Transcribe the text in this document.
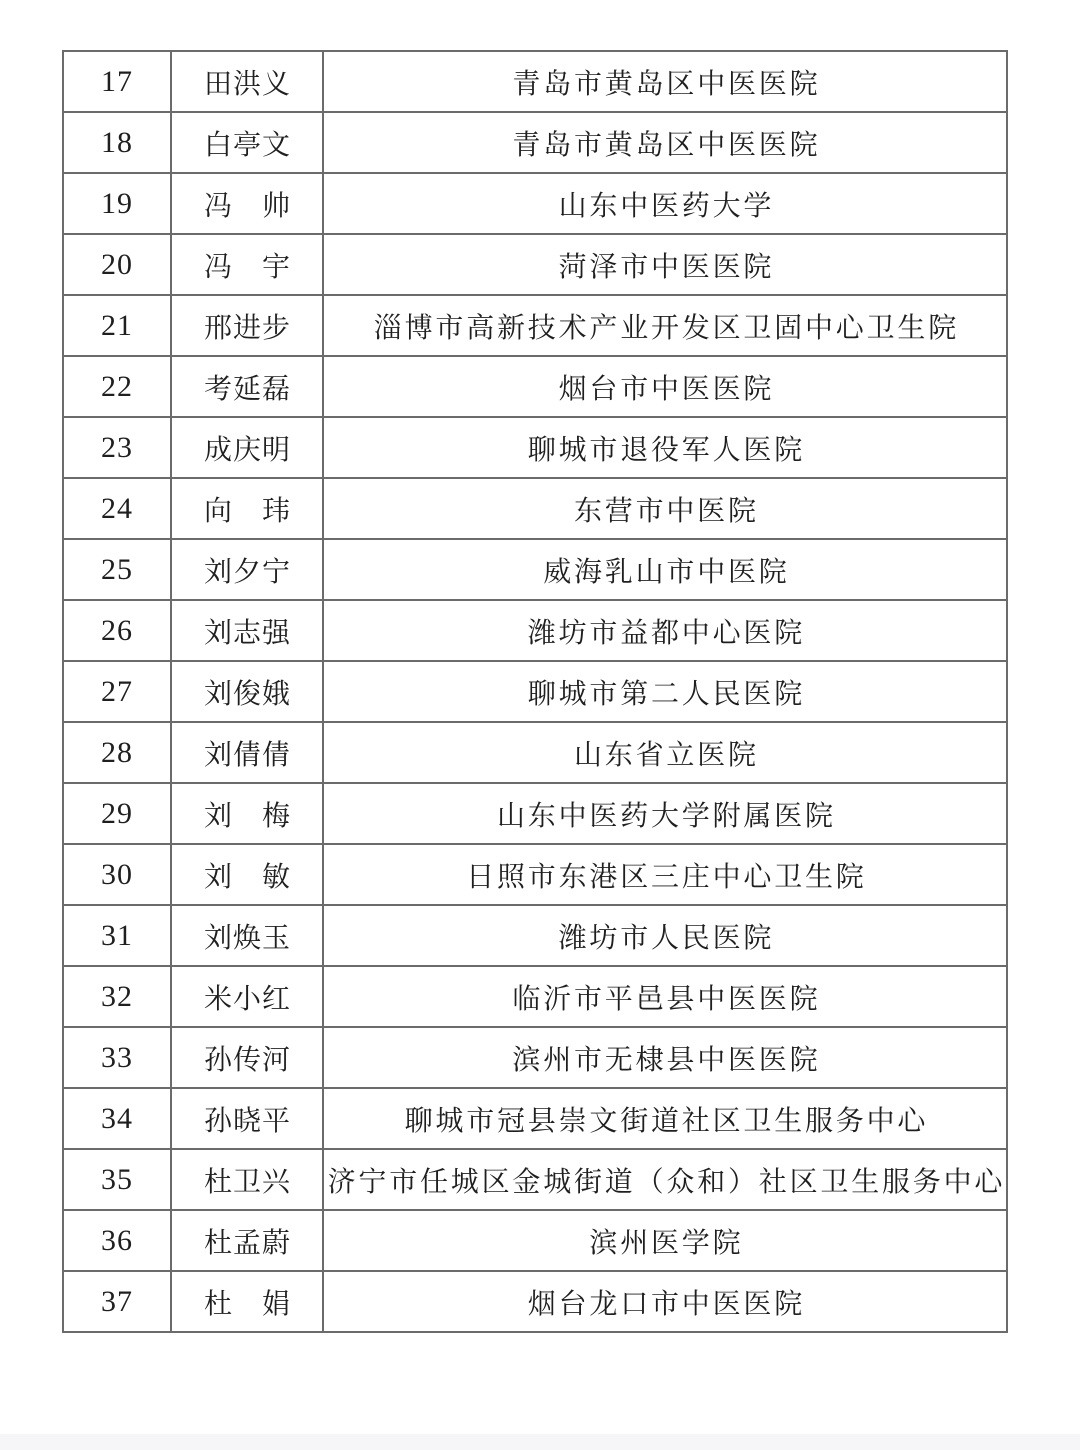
17	田洪义	青岛市黄岛区中医医院
18	白亭文	青岛市黄岛区中医医院
19	冯帅	山东中医药大学
20	冯宇	菏泽市中医医院
21	邢进步	淄博市高新技术产业开发区卫固中心卫生院
22	考延磊	烟台市中医医院
23	成庆明	聊城市退役军人医院
24	向玮	东营市中医院
25	刘夕宁	威海乳山市中医院
26	刘志强	潍坊市益都中心医院
27	刘俊娥	聊城市第二人民医院
28	刘倩倩	山东省立医院
29	刘梅	山东中医药大学附属医院
30	刘敏	日照市东港区三庄中心卫生院
31	刘焕玉	潍坊市人民医院
32	米小红	临沂市平邑县中医医院
33	孙传河	滨州市无棣县中医医院
34	孙晓平	聊城市冠县崇文街道社区卫生服务中心
35	杜卫兴	济宁市任城区金城街道（众和）社区卫生服务中心
36	杜孟蔚	滨州医学院
37	杜娟	烟台龙口市中医医院
